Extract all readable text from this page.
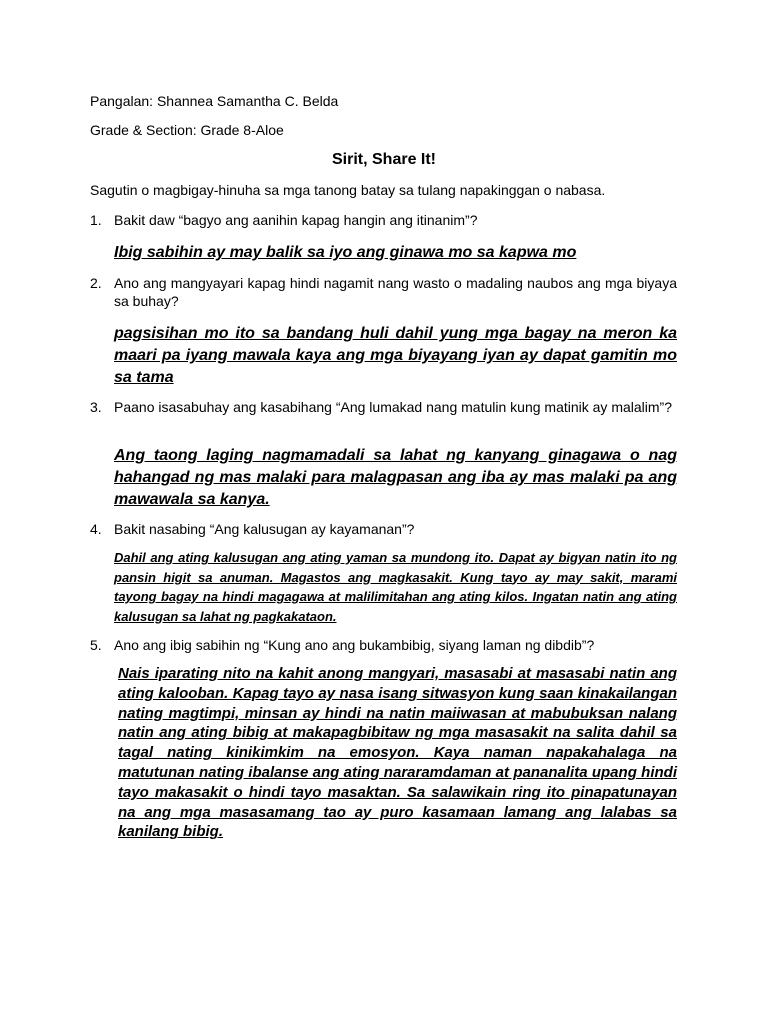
Pangalan: Shannea Samantha C. Belda
Grade & Section: Grade 8-Aloe
Sirit, Share It!
Sagutin o magbigay-hinuha sa mga tanong batay sa tulang napakinggan o nabasa.
1. Bakit daw “bagyo ang aanihin kapag hangin ang itinanim”?
Ibig sabihin ay may balik sa iyo ang ginawa mo sa kapwa mo
2. Ano ang mangyayari kapag hindi nagamit nang wasto o madaling naubos ang mga biyaya sa buhay?
pagsisihan mo ito sa bandang huli dahil yung mga bagay na meron ka maari pa iyang mawala kaya ang mga biyayang iyan ay dapat gamitin mo sa tama
3. Paano isasabuhay ang kasabihang “Ang lumakad nang matulin kung matinik ay malalim”?
Ang taong laging nagmamadali sa lahat ng kanyang ginagawa o nag hahangad ng mas malaki para malagpasan ang iba ay mas malaki pa ang mawawala sa kanya.
4. Bakit nasabing “Ang kalusugan ay kayamanan”?
Dahil ang ating kalusugan ang ating yaman sa mundong ito. Dapat ay bigyan natin ito ng pansin higit sa anuman. Magastos ang magkasakit. Kung tayo ay may sakit, marami tayong bagay na hindi magagawa at malilimitahan ang ating kilos. Ingatan natin ang ating kalusugan sa lahat ng pagkakataon.
5. Ano ang ibig sabihin ng “Kung ano ang bukambibig, siyang laman ng dibdib”?
Nais iparating nito na kahit anong mangyari, masasabi at masasabi natin ang ating kalooban. Kapag tayo ay nasa isang sitwasyon kung saan kinakailangan nating magtimpi, minsan ay hindi na natin maiiwasan at mabubuksan nalang natin ang ating bibig at makapagbibitaw ng mga masasakit na salita dahil sa tagal nating kinikimkim na emosyon. Kaya naman napakahalaga na matutunan nating ibalanse ang ating nararamdaman at pananalita upang hindi tayo makasakit o hindi tayo masaktan. Sa salawikain ring ito pinapatunayan na ang mga masasamang tao ay puro kasamaan lamang ang lalabas sa kanilang bibig.
